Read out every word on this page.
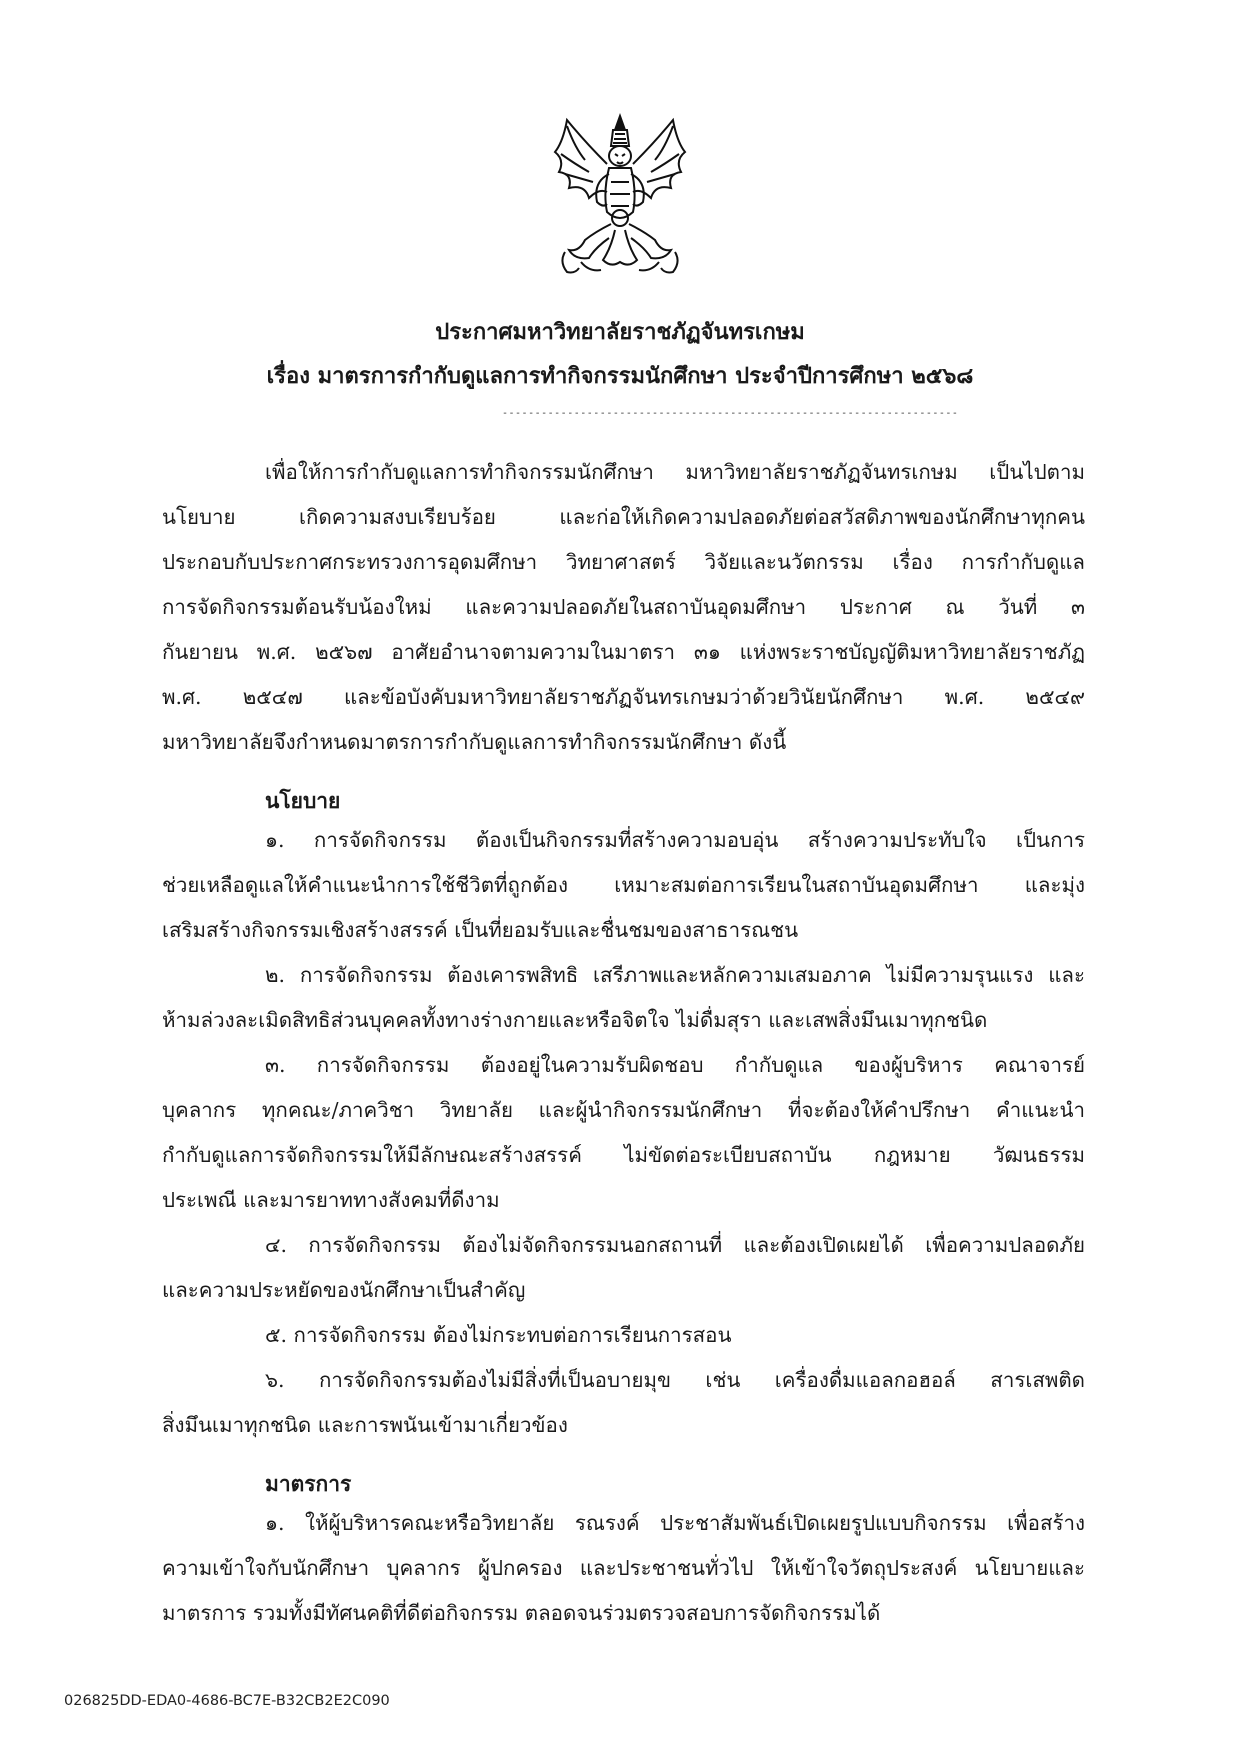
ประกาศมหาวิทยาลัยราชภัฏจันทรเกษม
เรื่อง มาตรการกำกับดูแลการทำกิจกรรมนักศึกษา ประจำปีการศึกษา ๒๕๖๘
----------------------------------------------------------------------
เพื่อให้การกำกับดูแลการทำกิจกรรมนักศึกษา มหาวิทยาลัยราชภัฏจันทรเกษม เป็นไปตาม
นโยบาย เกิดความสงบเรียบร้อย และก่อให้เกิดความปลอดภัยต่อสวัสดิภาพของนักศึกษาทุกคน
ประกอบกับประกาศกระทรวงการอุดมศึกษา วิทยาศาสตร์ วิจัยและนวัตกรรม เรื่อง การกำกับดูแล
การจัดกิจกรรมต้อนรับน้องใหม่ และความปลอดภัยในสถาบันอุดมศึกษา ประกาศ ณ วันที่ ๓
กันยายน พ.ศ. ๒๕๖๗ อาศัยอำนาจตามความในมาตรา ๓๑ แห่งพระราชบัญญัติมหาวิทยาลัยราชภัฏ
พ.ศ. ๒๕๔๗ และข้อบังคับมหาวิทยาลัยราชภัฏจันทรเกษมว่าด้วยวินัยนักศึกษา พ.ศ. ๒๕๔๙
มหาวิทยาลัยจึงกำหนดมาตรการกำกับดูแลการทำกิจกรรมนักศึกษา ดังนี้
นโยบาย
๑. การจัดกิจกรรม ต้องเป็นกิจกรรมที่สร้างความอบอุ่น สร้างความประทับใจ เป็นการ
ช่วยเหลือดูแลให้คำแนะนำการใช้ชีวิตที่ถูกต้อง เหมาะสมต่อการเรียนในสถาบันอุดมศึกษา และมุ่ง
เสริมสร้างกิจกรรมเชิงสร้างสรรค์ เป็นที่ยอมรับและชื่นชมของสาธารณชน
๒. การจัดกิจกรรม ต้องเคารพสิทธิ เสรีภาพและหลักความเสมอภาค ไม่มีความรุนแรง และ
ห้ามล่วงละเมิดสิทธิส่วนบุคคลทั้งทางร่างกายและหรือจิตใจ ไม่ดื่มสุรา และเสพสิ่งมึนเมาทุกชนิด
๓. การจัดกิจกรรม ต้องอยู่ในความรับผิดชอบ กำกับดูแล ของผู้บริหาร คณาจารย์
บุคลากร ทุกคณะ/ภาควิชา วิทยาลัย และผู้นำกิจกรรมนักศึกษา ที่จะต้องให้คำปรึกษา คำแนะนำ
กำกับดูแลการจัดกิจกรรมให้มีลักษณะสร้างสรรค์ ไม่ขัดต่อระเบียบสถาบัน กฎหมาย วัฒนธรรม
ประเพณี และมารยาททางสังคมที่ดีงาม
๔. การจัดกิจกรรม ต้องไม่จัดกิจกรรมนอกสถานที่ และต้องเปิดเผยได้ เพื่อความปลอดภัย
และความประหยัดของนักศึกษาเป็นสำคัญ
๕. การจัดกิจกรรม ต้องไม่กระทบต่อการเรียนการสอน
๖. การจัดกิจกรรมต้องไม่มีสิ่งที่เป็นอบายมุข เช่น เครื่องดื่มแอลกอฮอล์ สารเสพติด
สิ่งมึนเมาทุกชนิด และการพนันเข้ามาเกี่ยวข้อง
มาตรการ
๑. ให้ผู้บริหารคณะหรือวิทยาลัย รณรงค์ ประชาสัมพันธ์เปิดเผยรูปแบบกิจกรรม เพื่อสร้าง
ความเข้าใจกับนักศึกษา บุคลากร ผู้ปกครอง และประชาชนทั่วไป ให้เข้าใจวัตถุประสงค์ นโยบายและ
มาตรการ รวมทั้งมีทัศนคติที่ดีต่อกิจกรรม ตลอดจนร่วมตรวจสอบการจัดกิจกรรมได้
026825DD-EDA0-4686-BC7E-B32CB2E2C090
